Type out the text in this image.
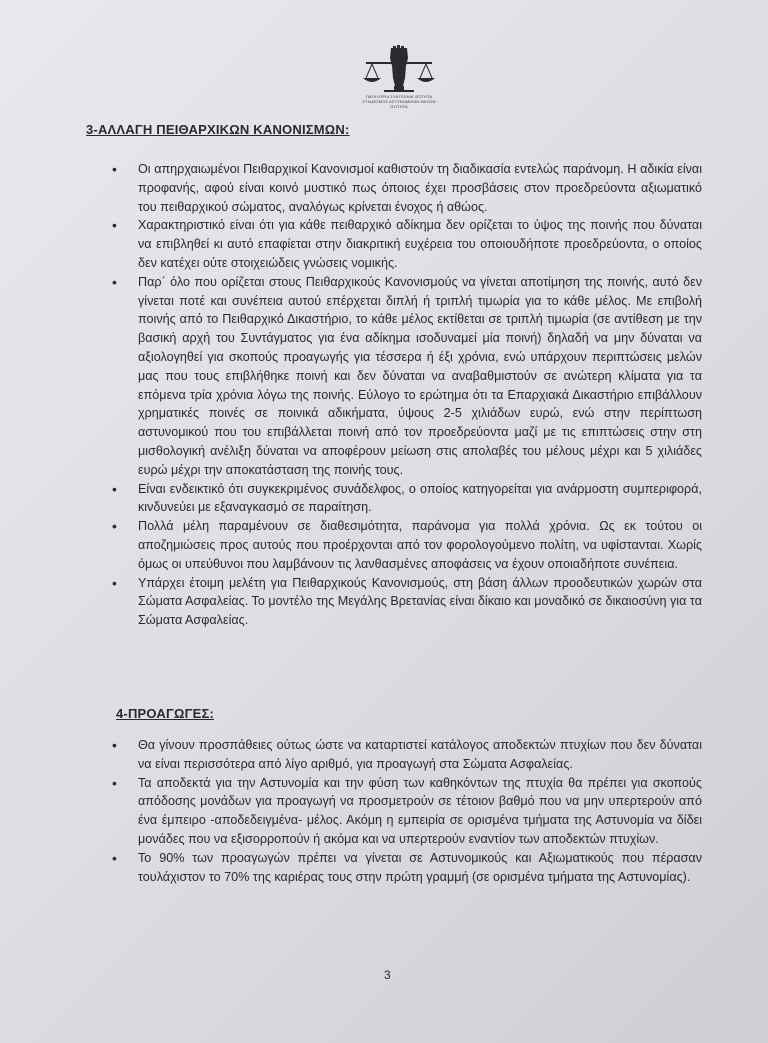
ΠΑΓΚΥΠΡΙΑ ΣΥΝΤΕΧΝΙΑ ΙΣΟΤΗΤΑ ΣΥΝΔΕΣΜΟΣ ΑΣΤΥΝΟΜΙΚΩΝ ΜΕΛΩΝ ΙΣΟΤΗΤΑ
3-ΑΛΛΑΓΗ ΠΕΙΘΑΡΧΙΚΩΝ ΚΑΝΟΝΙΣΜΩΝ:
• Οι απηρχαιωμένοι Πειθαρχικοί Κανονισμοί καθιστούν τη διαδικασία εντελώς παράνομη. Η αδικία είναι προφανής, αφού είναι κοινό μυστικό πως όποιος έχει προσβάσεις στον προεδρεύοντα αξιωματικό του πειθαρχικού σώματος, αναλόγως κρίνεται ένοχος ή αθώος.
• Χαρακτηριστικό είναι ότι για κάθε πειθαρχικό αδίκημα δεν ορίζεται το ύψος της ποινής που δύναται να επιβληθεί κι αυτό επαφίεται στην διακριτική ευχέρεια του οποιουδήποτε προεδρεύοντα, ο οποίος δεν κατέχει ούτε στοιχειώδεις γνώσεις νομικής.
• Παρ΄ όλο που ορίζεται στους Πειθαρχικούς Κανονισμούς να γίνεται αποτίμηση της ποινής, αυτό δεν γίνεται ποτέ και συνέπεια αυτού επέρχεται διπλή ή τριπλή τιμωρία για το κάθε μέλος. Με επιβολή ποινής από το Πειθαρχικό Δικαστήριο, το κάθε μέλος εκτίθεται σε τριπλή τιμωρία (σε αντίθεση με την βασική αρχή του Συντάγματος για ένα αδίκημα ισοδυναμεί μία ποινή) δηλαδή να μην δύναται να αξιολογηθεί για σκοπούς προαγωγής για τέσσερα ή έξι χρόνια, ενώ υπάρχουν περιπτώσεις μελών μας που τους επιβλήθηκε ποινή και δεν δύναται να αναβαθμιστούν σε ανώτερη κλίματα για τα επόμενα τρία χρόνια λόγω της ποινής. Εύλογο το ερώτημα ότι τα Επαρχιακά Δικαστήριο επιβάλλουν χρηματικές ποινές σε ποινικά αδικήματα, ύψους 2-5 χιλιάδων ευρώ, ενώ στην περίπτωση αστυνομικού που του επιβάλλεται ποινή από τον προεδρεύοντα μαζί με τις επιπτώσεις στην στη μισθολογική ανέλιξη δύναται να αποφέρουν μείωση στις απολαβές του μέλους μέχρι και 5 χιλιάδες ευρώ μέχρι την αποκατάσταση της ποινής τους.
• Είναι ενδεικτικό ότι συγκεκριμένος συνάδελφος, ο οποίος κατηγορείται για ανάρμοστη συμπεριφορά, κινδυνεύει με εξαναγκασμό σε παραίτηση.
• Πολλά μέλη παραμένουν σε διαθεσιμότητα, παράνομα για πολλά χρόνια. Ως εκ τούτου οι αποζημιώσεις προς αυτούς που προέρχονται από τον φορολογούμενο πολίτη, να υφίστανται. Χωρίς όμως οι υπεύθυνοι που λαμβάνουν τις λανθασμένες αποφάσεις να έχουν οποιαδήποτε συνέπεια.
• Υπάρχει έτοιμη μελέτη για Πειθαρχικούς Κανονισμούς, στη βάση άλλων προοδευτικών χωρών στα Σώματα Ασφαλείας. Το μοντέλο της Μεγάλης Βρετανίας είναι δίκαιο και μοναδικό σε δικαιοσύνη για τα Σώματα Ασφαλείας.
4-ΠΡΟΑΓΩΓΕΣ:
• Θα γίνουν προσπάθειες ούτως ώστε να καταρτιστεί κατάλογος αποδεκτών πτυχίων που δεν δύναται να είναι περισσότερα από λίγο αριθμό, για προαγωγή στα Σώματα Ασφαλείας.
• Τα αποδεκτά για την Αστυνομία και την φύση των καθηκόντων της πτυχία θα πρέπει για σκοπούς απόδοσης μονάδων για προαγωγή να προσμετρούν σε τέτοιον βαθμό που να μην υπερτερούν από ένα έμπειρο -αποδεδειγμένα- μέλος. Ακόμη η εμπειρία σε ορισμένα τμήματα της Αστυνομία να δίδει μονάδες που να εξισορροπούν ή ακόμα και να υπερτερούν εναντίον των αποδεκτών πτυχίων.
• Το 90% των προαγωγών πρέπει να γίνεται σε Αστυνομικούς και Αξιωματικούς που πέρασαν τουλάχιστον το 70% της καριέρας τους στην πρώτη γραμμή (σε ορισμένα τμήματα της Αστυνομίας).
3
